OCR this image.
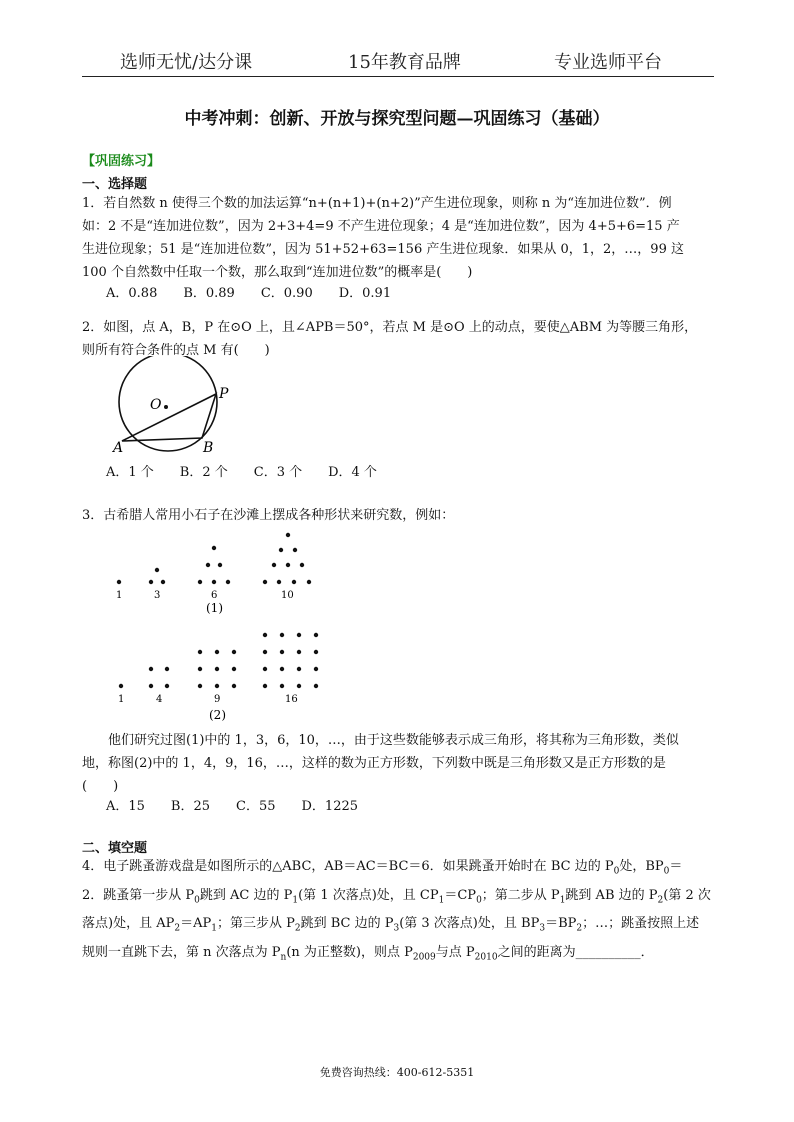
选师无忧/达分课	15年教育品牌	专业选师平台
中考冲刺：创新、开放与探究型问题—巩固练习（基础）
【巩固练习】
一、选择题

1．若自然数 n 使得三个数的加法运算“n+(n+1)+(n+2)”产生进位现象，则称 n 为“连加进位数”．例

如：2 不是“连加进位数”，因为 2+3+4=9 不产生进位现象；4 是“连加进位数”，因为 4+5+6=15 产

生进位现象；51 是“连加进位数”，因为 51+52+63=156 产生进位现象．如果从 0，1，2，…，99 这

100 个自然数中任取一个数，那么取到“连加进位数”的概率是(　　)

A．0.88　　B．0.89　　C．0.90　　D．0.91

2．如图，点 A，B，P 在⊙O 上，且∠APB＝50°，若点 M 是⊙O 上的动点，要使△ABM 为等腰三角形，

则所有符合条件的点 M 有(　　)

O
P
A	B
A．1 个　　B．2 个　　C．3 个　　D．4 个
3．古希腊人常用小石子在沙滩上摆成各种形状来研究数，例如：
1	3	6	10
(1)
1	4	9	16
(2)

　　他们研究过图(1)中的 1，3，6，10，…，由于这些数能够表示成三角形，将其称为三角形数，类似

地，称图(2)中的 1，4，9，16，…，这样的数为正方形数，下列数中既是三角形数又是正方形数的是

(　　)

A．15　　B．25　　C．55　　D．1225
二、填空题

4．电子跳蚤游戏盘是如图所示的△ABC，AB＝AC＝BC＝6．如果跳蚤开始时在 BC 边的 $P_0$处，$BP_0=$

2．跳蚤第一步从 $P_0$跳到 AC 边的 $P_1$(第 1 次落点)处，且 $CP_1=CP_0$；第二步从 $P_1$跳到 AB 边的 $P_2$(第 2 次

落点)处，且 $AP_2=AP_1$；第三步从 $P_2$跳到 BC 边的 $P_3$(第 3 次落点)处，且 $BP_3=BP_2$；…；跳蚤按照上述

规则一直跳下去，第 n 次落点为 $P_n(n$ 为正整数)，则点 $P_{2009}$与点 $P_{2010}$之间的距离为__________．

免费咨询热线：400-612-5351
